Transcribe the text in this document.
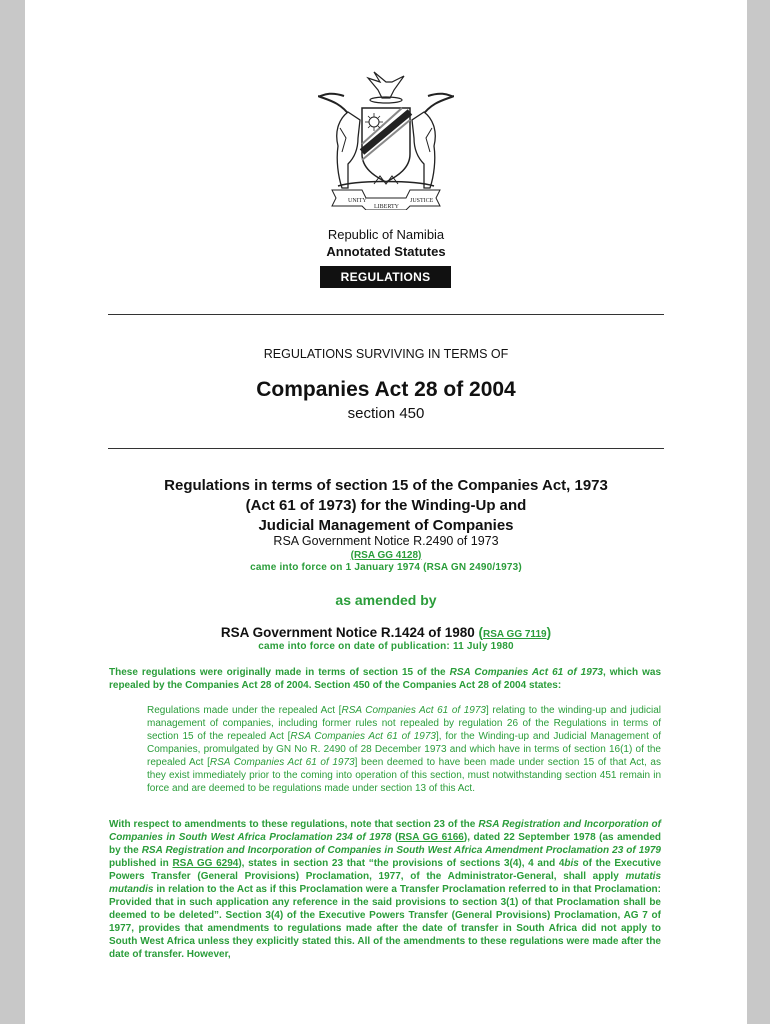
UNITY
LIBERTY
JUSTICE
Republic of Namibia
Annotated Statutes
REGULATIONS
REGULATIONS SURVIVING IN TERMS OF
Companies Act 28 of 2004
section 450
Regulations in terms of section 15 of the Companies Act, 1973
(Act 61 of 1973) for the Winding-Up and
Judicial Management of Companies
RSA Government Notice R.2490 of 1973
(RSA GG 4128)
came into force on 1 January 1974 (RSA GN 2490/1973)
as amended by
RSA Government Notice R.1424 of 1980 (RSA GG 7119)
came into force on date of publication: 11 July 1980
These regulations were originally made in terms of section 15 of the RSA Companies Act 61 of 1973, which was repealed by the Companies Act 28 of 2004. Section 450 of the Companies Act 28 of 2004 states:
Regulations made under the repealed Act [RSA Companies Act 61 of 1973] relating to the winding-up and judicial management of companies, including former rules not repealed by regulation 26 of the Regulations in terms of section 15 of the repealed Act [RSA Companies Act 61 of 1973], for the Winding-up and Judicial Management of Companies, promulgated by GN No R. 2490 of 28 December 1973 and which have in terms of section 16(1) of the repealed Act [RSA Companies Act 61 of 1973] been deemed to have been made under section 15 of that Act, as they exist immediately prior to the coming into operation of this section, must notwithstanding section 451 remain in force and are deemed to be regulations made under section 13 of this Act.
With respect to amendments to these regulations, note that section 23 of the RSA Registration and Incorporation of Companies in South West Africa Proclamation 234 of 1978 (RSA GG 6166), dated 22 September 1978 (as amended by the RSA Registration and Incorporation of Companies in South West Africa Amendment Proclamation 23 of 1979 published in RSA GG 6294), states in section 23 that “the provisions of sections 3(4), 4 and 4bis of the Executive Powers Transfer (General Provisions) Proclamation, 1977, of the Administrator-General, shall apply mutatis mutandis in relation to the Act as if this Proclamation were a Transfer Proclamation referred to in that Proclamation: Provided that in such application any reference in the said provisions to section 3(1) of that Proclamation shall be deemed to be deleted”. Section 3(4) of the Executive Powers Transfer (General Provisions) Proclamation, AG 7 of 1977, provides that amendments to regulations made after the date of transfer in South Africa did not apply to South West Africa unless they explicitly stated this. All of the amendments to these regulations were made after the date of transfer. However,
